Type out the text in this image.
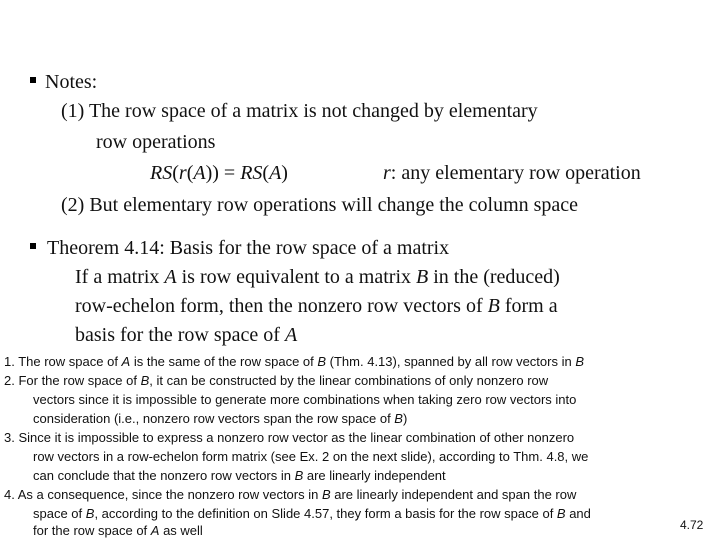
Notes:
(1) The row space of a matrix is not changed by elementary
row operations
RS(r(A)) = RS(A)	r: any elementary row operation
(2) But elementary row operations will change the column space
Theorem 4.14: Basis for the row space of a matrix
If a matrix A is row equivalent to a matrix B in the (reduced)
row-echelon form, then the nonzero row vectors of B form a
basis for the row space of A
1. The row space of A is the same of the row space of B (Thm. 4.13), spanned by all row vectors in B
2. For the row space of B, it can be constructed by the linear combinations of only nonzero row
vectors since it is impossible to generate more combinations when taking zero row vectors into
consideration (i.e., nonzero row vectors span the row space of B)
3. Since it is impossible to express a nonzero row vector as the linear combination of other nonzero
row vectors in a row-echelon form matrix (see Ex. 2 on the next slide), according to Thm. 4.8, we
can conclude that the nonzero row vectors in B are linearly independent
4. As a consequence, since the nonzero row vectors in B are linearly independent and span the row
space of B, according to the definition on Slide 4.57, they form a basis for the row space of B and
for the row space of A as well	4.72
